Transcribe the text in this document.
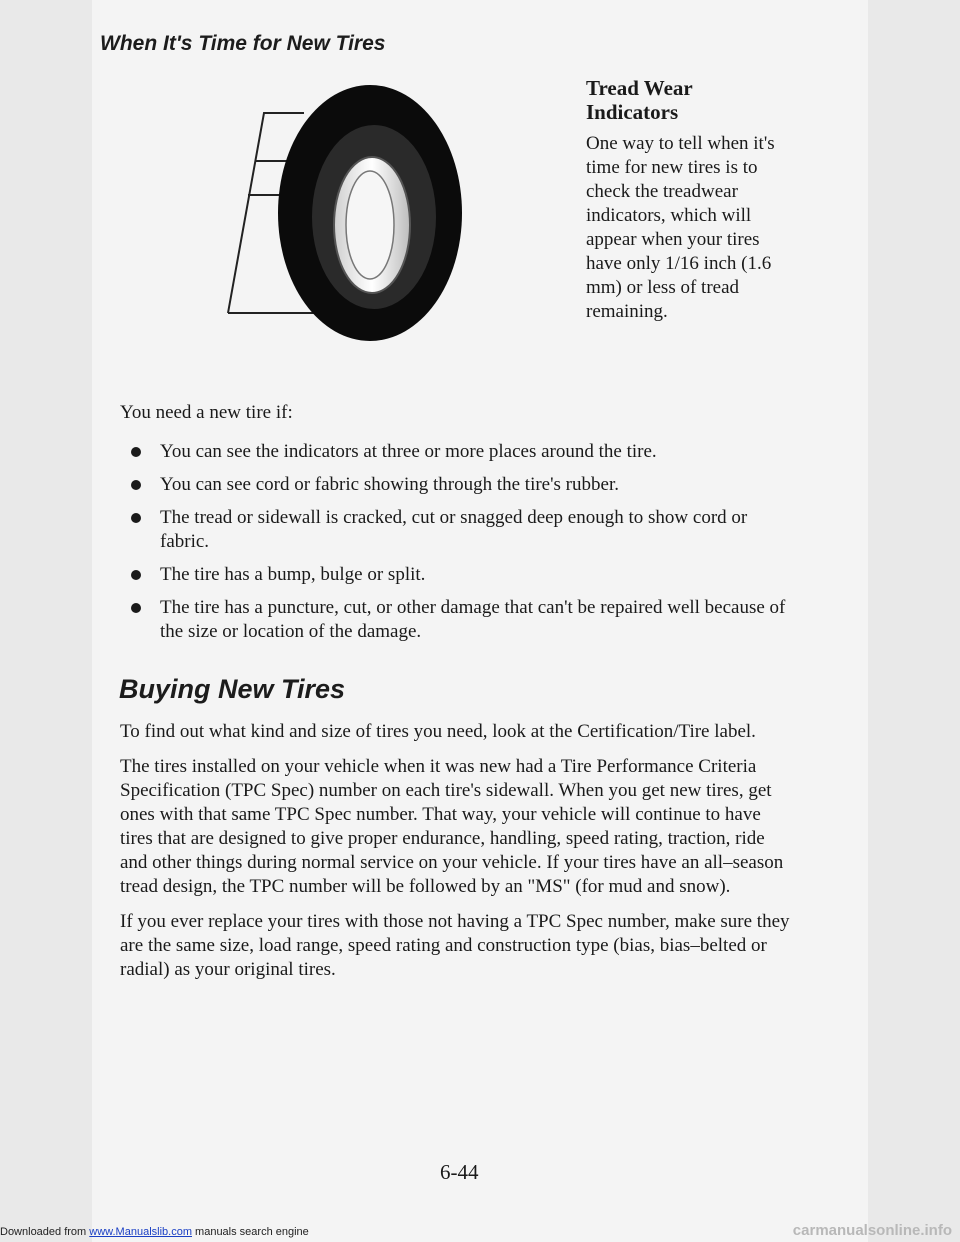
When It's Time for New Tires
Tread Wear Indicators
One way to tell when it's time for new tires is to check the treadwear indicators, which will appear when your tires have only 1/16 inch (1.6 mm) or less of tread remaining.
You need a new tire if:
You can see the indicators at three or more places around the tire.
You can see cord or fabric showing through the tire's rubber.
The tread or sidewall is cracked, cut or snagged deep enough to show cord or fabric.
The tire has a bump, bulge or split.
The tire has a puncture, cut, or other damage that can't be repaired well because of the size or location of the damage.
Buying New Tires

To find out what kind and size of tires you need, look at the Certification/Tire label.

The tires installed on your vehicle when it was new had a Tire Performance Criteria Specification (TPC Spec) number on each tire's sidewall. When you get new tires, get ones with that same TPC Spec number. That way, your vehicle will continue to have tires that are designed to give proper endurance, handling, speed rating, traction, ride and other things during normal service on your vehicle. If your tires have an all–season tread design, the TPC number will be followed by an "MS" (for mud and snow).

If you ever replace your tires with those not having a TPC Spec number, make sure they are the same size, load range, speed rating and construction type (bias, bias–belted or radial) as your original tires.

6-44
Downloaded from www.Manualslib.com manuals search engine	carmanualsonline.info
